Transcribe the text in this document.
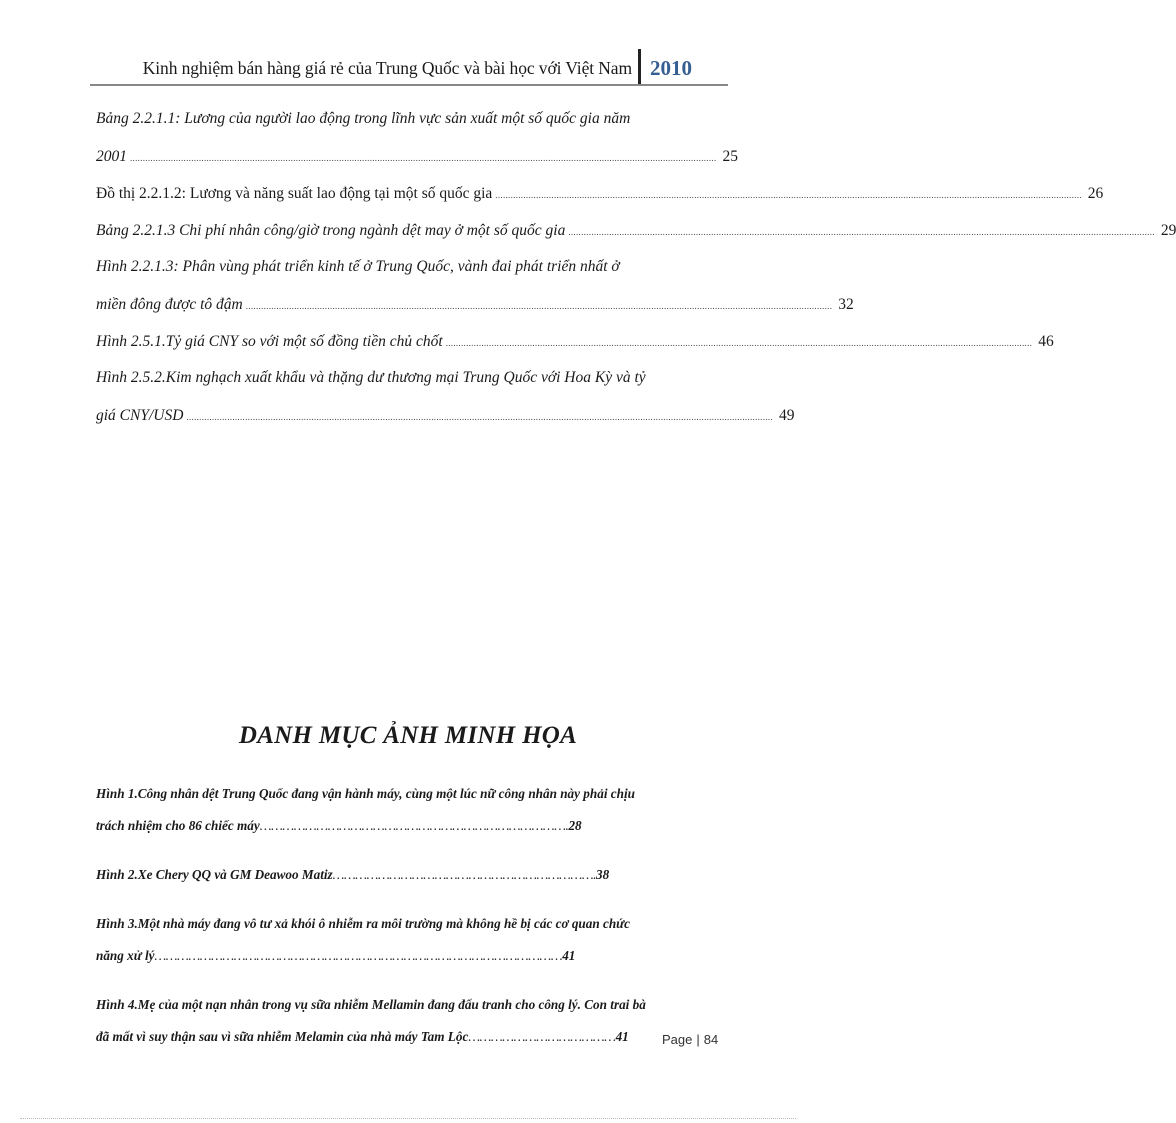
Kinh nghiệm bán hàng giá rẻ của Trung Quốc và bài học với Việt Nam 2010
Bảng 2.2.1.1: Lương của người lao động trong lĩnh vực sản xuất một số quốc gia năm
2001 ...................................................................................................................................................................................................................................... 25
Đồ thị 2.2.1.2: Lương và năng suất lao động tại một số quốc gia ...................................................................................................................................................................................................................................... 26
Bảng 2.2.1.3 Chi phí nhân công/giờ trong ngành dệt may ở một số quốc gia ...................................................................................................................................................................................................................................... 29
Hình 2.2.1.3: Phân vùng phát triển kinh tế ở Trung Quốc, vành đai phát triển nhất ở
miền đông được tô đậm ...................................................................................................................................................................................................................................... 32
Hình 2.5.1.Tỷ giá CNY so với một số đồng tiền chủ chốt ...................................................................................................................................................................................................................................... 46
Hình 2.5.2.Kim nghạch xuất khẩu và thặng dư thương mại Trung Quốc với Hoa Kỳ và tỷ
giá CNY/USD ...................................................................................................................................................................................................................................... 49
DANH MỤC ẢNH MINH HỌA
Hình 1.Công nhân dệt Trung Quốc đang vận hành máy, cùng một lúc nữ công nhân này phải chịu
trách nhiệm cho 86 chiếc máy……………………………………………………………………….28
Hình 2.Xe Chery QQ và GM Deawoo Matiz…………………………………………………………….38
Hình 3.Một nhà máy đang vô tư xả khói ô nhiễm ra môi trường mà không hề bị các cơ quan chức
năng xử lý………………………………………………………………………………………………41
Hình 4.Mẹ của một nạn nhân trong vụ sữa nhiễm Mellamin đang đấu tranh cho công lý. Con trai bà
đã mất vì suy thận sau vì sữa nhiễm Melamin của nhà máy Tam Lộc…………………………………41	Page | 84
